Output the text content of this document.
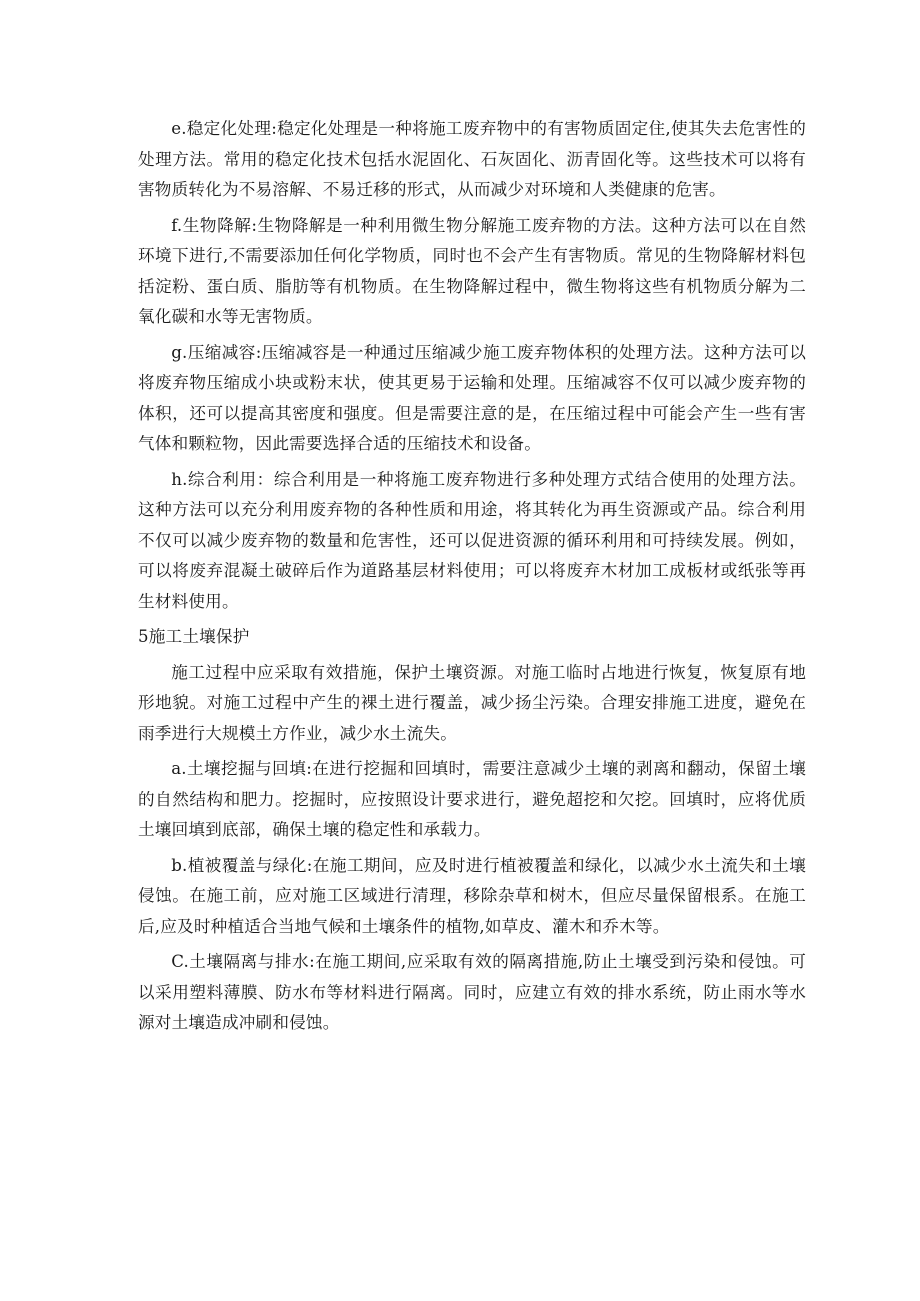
e.稳定化处理:稳定化处理是一种将施工废弃物中的有害物质固定住,使其失去危害性的处理方法。常用的稳定化技术包括水泥固化、石灰固化、沥青固化等。这些技术可以将有害物质转化为不易溶解、不易迁移的形式，从而减少对环境和人类健康的危害。

f.生物降解:生物降解是一种利用微生物分解施工废弃物的方法。这种方法可以在自然环境下进行,不需要添加任何化学物质，同时也不会产生有害物质。常见的生物降解材料包括淀粉、蛋白质、脂肪等有机物质。在生物降解过程中，微生物将这些有机物质分解为二氧化碳和水等无害物质。

g.压缩减容:压缩减容是一种通过压缩减少施工废弃物体积的处理方法。这种方法可以将废弃物压缩成小块或粉末状，使其更易于运输和处理。压缩减容不仅可以减少废弃物的体积，还可以提高其密度和强度。但是需要注意的是，在压缩过程中可能会产生一些有害气体和颗粒物，因此需要选择合适的压缩技术和设备。

h.综合利用：综合利用是一种将施工废弃物进行多种处理方式结合使用的处理方法。这种方法可以充分利用废弃物的各种性质和用途，将其转化为再生资源或产品。综合利用不仅可以减少废弃物的数量和危害性，还可以促进资源的循环利用和可持续发展。例如，可以将废弃混凝土破碎后作为道路基层材料使用；可以将废弃木材加工成板材或纸张等再生材料使用。

5施工土壤保护

施工过程中应采取有效措施，保护土壤资源。对施工临时占地进行恢复，恢复原有地形地貌。对施工过程中产生的裸土进行覆盖，减少扬尘污染。合理安排施工进度，避免在雨季进行大规模土方作业，减少水土流失。

a.土壤挖掘与回填:在进行挖掘和回填时，需要注意减少土壤的剥离和翻动，保留土壤的自然结构和肥力。挖掘时，应按照设计要求进行，避免超挖和欠挖。回填时，应将优质土壤回填到底部，确保土壤的稳定性和承载力。

b.植被覆盖与绿化:在施工期间，应及时进行植被覆盖和绿化，以减少水土流失和土壤侵蚀。在施工前，应对施工区域进行清理，移除杂草和树木，但应尽量保留根系。在施工后,应及时种植适合当地气候和土壤条件的植物,如草皮、灌木和乔木等。

C.土壤隔离与排水:在施工期间,应采取有效的隔离措施,防止土壤受到污染和侵蚀。可以采用塑料薄膜、防水布等材料进行隔离。同时，应建立有效的排水系统，防止雨水等水源对土壤造成冲刷和侵蚀。
